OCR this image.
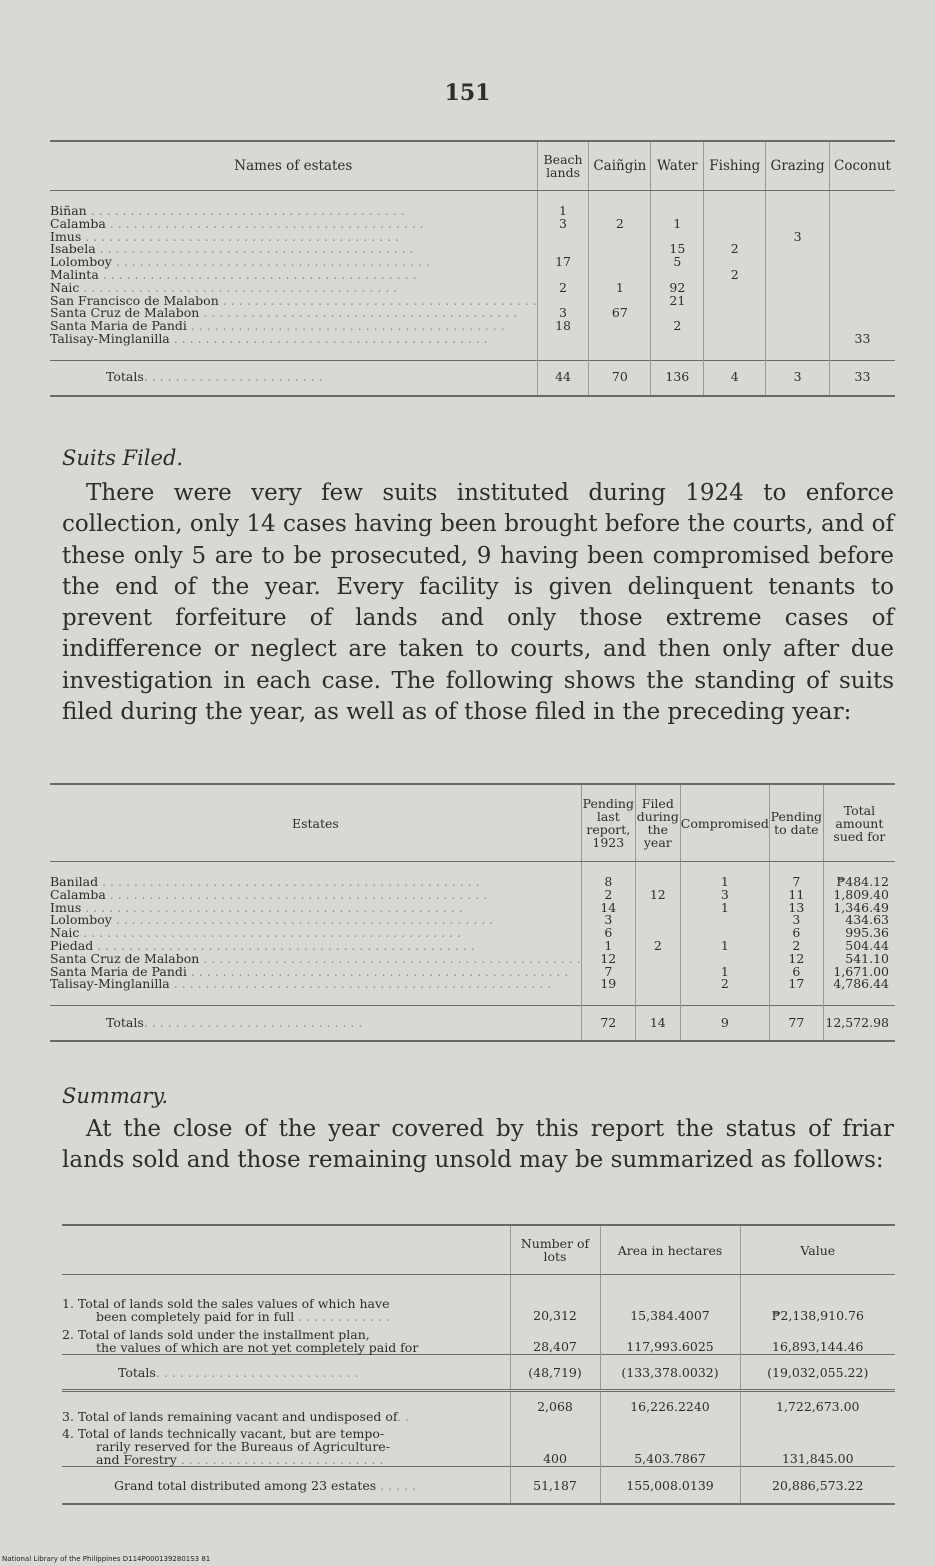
151
Names of estates	Beach lands	Caiñgin	Water	Fishing	Grazing	Coconut

Biñan . . . . . . . . . . . . . . . . . . . . . . . . . . . . . . . . . . . . . . . .	1					
Calamba . . . . . . . . . . . . . . . . . . . . . . . . . . . . . . . . . . . . . . . .	3	2	1			
Imus . . . . . . . . . . . . . . . . . . . . . . . . . . . . . . . . . . . . . . . .					3	
Isabela . . . . . . . . . . . . . . . . . . . . . . . . . . . . . . . . . . . . . . . .			15	2		
Lolomboy . . . . . . . . . . . . . . . . . . . . . . . . . . . . . . . . . . . . . . . .	17		5			
Malinta . . . . . . . . . . . . . . . . . . . . . . . . . . . . . . . . . . . . . . . .				2		
Naic . . . . . . . . . . . . . . . . . . . . . . . . . . . . . . . . . . . . . . . .	2	1	92			
San Francisco de Malabon . . . . . . . . . . . . . . . . . . . . . . . . . . . . . . . . . . . . . . . .			21			
Santa Cruz de Malabon . . . . . . . . . . . . . . . . . . . . . . . . . . . . . . . . . . . . . . . .	3	67				
Santa Maria de Pandi . . . . . . . . . . . . . . . . . . . . . . . . . . . . . . . . . . . . . . . .	18		2			
Talisay-Minglanilla . . . . . . . . . . . . . . . . . . . . . . . . . . . . . . . . . . . . . . . .						33

Totals. . . . . . . . . . . . . . . . . . . . . . .	44	70	136	4	3	33
Suits Filed.

There were very few suits instituted during 1924 to enforce collection, only 14 cases having been brought before the courts, and of these only 5 are to be prosecuted, 9 having been compromised before the end of the year. Every facility is given delinquent tenants to prevent forfeiture of lands and only those extreme cases of indifference or neglect are taken to courts, and then only after due investigation in each case. The following shows the standing of suits filed during the year, as well as of those filed in the preceding year:

Estates	Pending last report, 1923	Filed during the year	Compromised	Pending to date	Total amount sued for

Banilad . . . . . . . . . . . . . . . . . . . . . . . . . . . . . . . . . . . . . . . . . . . . . . . .	8		1	7	₱484.12
Calamba . . . . . . . . . . . . . . . . . . . . . . . . . . . . . . . . . . . . . . . . . . . . . . . .	2	12	3	11	1,809.40
Imus . . . . . . . . . . . . . . . . . . . . . . . . . . . . . . . . . . . . . . . . . . . . . . . .	14		1	13	1,346.49
Lolomboy . . . . . . . . . . . . . . . . . . . . . . . . . . . . . . . . . . . . . . . . . . . . . . . .	3			3	434.63
Naic . . . . . . . . . . . . . . . . . . . . . . . . . . . . . . . . . . . . . . . . . . . . . . . .	6			6	995.36
Piedad . . . . . . . . . . . . . . . . . . . . . . . . . . . . . . . . . . . . . . . . . . . . . . . .	1	2	1	2	504.44
Santa Cruz de Malabon . . . . . . . . . . . . . . . . . . . . . . . . . . . . . . . . . . . . . . . . . . . . . . . .	12			12	541.10
Santa Maria de Pandi . . . . . . . . . . . . . . . . . . . . . . . . . . . . . . . . . . . . . . . . . . . . . . . .	7		1	6	1,671.00
Talisay-Minglanilla . . . . . . . . . . . . . . . . . . . . . . . . . . . . . . . . . . . . . . . . . . . . . . . .	19		2	17	4,786.44

Totals. . . . . . . . . . . . . . . . . . . . . . . . . . . .	72	14	9	77	12,572.98
Summary.

At the close of the year covered by this report the status of friar lands sold and those remaining unsold may be summarized as follows:

	Number of lots	Area in hectares	Value

1. Total of lands sold the sales values of which have
been completely paid for in full . . . . . . . . . . . .	20,312	15,384.4007	₱2,138,910.76
2. Total of lands sold under the installment plan,
the values of which are not yet completely paid for	28,407	117,993.6025	16,893,144.46
Totals. . . . . . . . . . . . . . . . . . . . . . . . . .	(48,719)	(133,378.0032)	(19,032,055.22)

3. Total of lands remaining vacant and undisposed of. .	2,068	16,226.2240	1,722,673.00
4. Total of lands technically vacant, but are tempo-
rarily reserved for the Bureaus of Agriculture-
and Forestry . . . . . . . . . . . . . . . . . . . . . . . . . .	400	5,403.7867	131,845.00
Grand total distributed among 23 estates . . . . .	51,187	155,008.0139	20,886,573.22
National Library of the Philippines D114P0001392801S3 81
